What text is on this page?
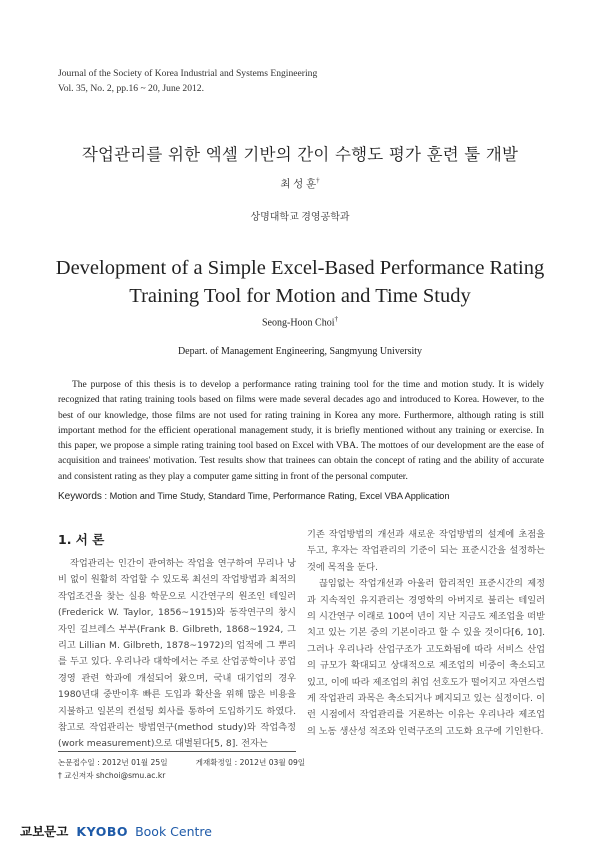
Journal of the Society of Korea Industrial and Systems Engineering
Vol. 35, No. 2, pp.16 ~ 20, June 2012.
작업관리를 위한 엑셀 기반의 간이 수행도 평가 훈련 툴 개발
최 성 훈†
상명대학교 경영공학과
Development of a Simple Excel-Based Performance Rating Training Tool for Motion and Time Study
Seong-Hoon Choi†
Depart. of Management Engineering, Sangmyung University
The purpose of this thesis is to develop a performance rating training tool for the time and motion study. It is widely recognized that rating training tools based on films were made several decades ago and introduced to Korea. However, to the best of our knowledge, those films are not used for rating training in Korea any more. Furthermore, although rating is still important method for the efficient operational management study, it is briefly mentioned without any training or exercise. In this paper, we propose a simple rating training tool based on Excel with VBA. The mottoes of our development are the ease of acquisition and trainees' motivation. Test results show that trainees can obtain the concept of rating and the ability of accurate and consistent rating as they play a computer game sitting in front of the personal computer.
Keywords : Motion and Time Study, Standard Time, Performance Rating, Excel VBA Application
1. 서 론

작업관리는 인간이 관여하는 작업을 연구하여 무리나 낭비 없이 원활히 작업할 수 있도록 최선의 작업방법과 최적의 작업조건을 찾는 실용 학문으로 시간연구의 원조인 테일러(Frederick W. Taylor, 1856~1915)와 동작연구의 창시자인 길브레스 부부(Frank B. Gilbreth, 1868~1924, 그리고 Lillian M. Gilbreth, 1878~1972)의 업적에 그 뿌리를 두고 있다. 우리나라 대학에서는 주로 산업공학이나 공업경영 관련 학과에 개설되어 왔으며, 국내 대기업의 경우 1980년대 중반이후 빠른 도입과 확산을 위해 많은 비용을 지불하고 일본의 컨설팅 회사를 통하여 도입하기도 하였다. 참고로 작업관리는 방법연구(method study)와 작업측정(work measurement)으로 대별된다[5, 8]. 전자는

기존 작업방법의 개선과 새로운 작업방법의 설계에 초점을 두고, 후자는 작업관리의 기준이 되는 표준시간을 설정하는 것에 목적을 둔다.

끊임없는 작업개선과 아울러 합리적인 표준시간의 제정과 지속적인 유지관리는 경영학의 아버지로 불리는 테일러의 시간연구 이래로 100여 년이 지난 지금도 제조업을 떠받치고 있는 기본 중의 기본이라고 할 수 있을 것이다[6, 10]. 그러나 우리나라 산업구조가 고도화됨에 따라 서비스 산업의 규모가 확대되고 상대적으로 제조업의 비중이 축소되고 있고, 이에 따라 제조업의 취업 선호도가 떨어지고 자연스럽게 작업관리 과목은 축소되거나 폐지되고 있는 실정이다. 이런 시점에서 작업관리를 거론하는 이유는 우리나라 제조업의 노동 생산성 적조와 인력구조의 고도화 요구에 기인한다.

논문접수일 : 2012년 01월 25일	게재확정일 : 2012년 03월 09일
† 교신저자 shchoi@smu.ac.kr
교보문고 KYOBO Book Centre
